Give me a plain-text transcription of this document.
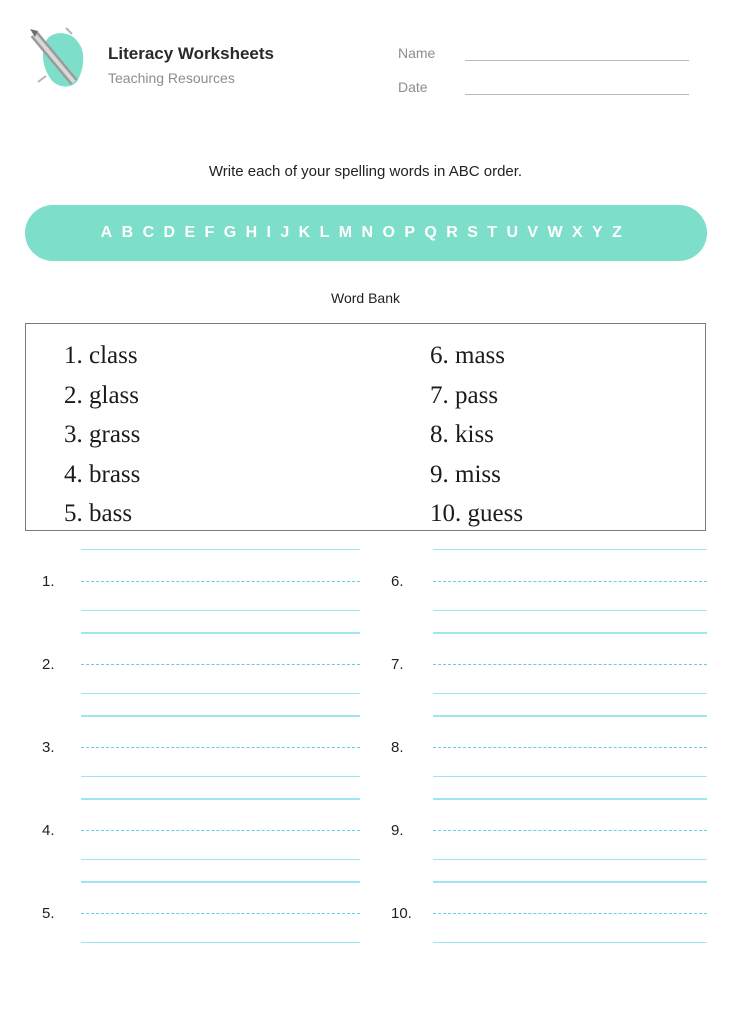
Literacy Worksheets
Teaching Resources
Name
Date
Write each of your spelling words in ABC order.
ABCDEFGHIJKLMNOPQRSTUVWXYZ
Word Bank
1. class
2. glass
3. grass
4. brass
5. bass
6. mass
7. pass
8. kiss
9. miss
10. guess
1.
2.
3.
4.
5.
6.
7.
8.
9.
10.
